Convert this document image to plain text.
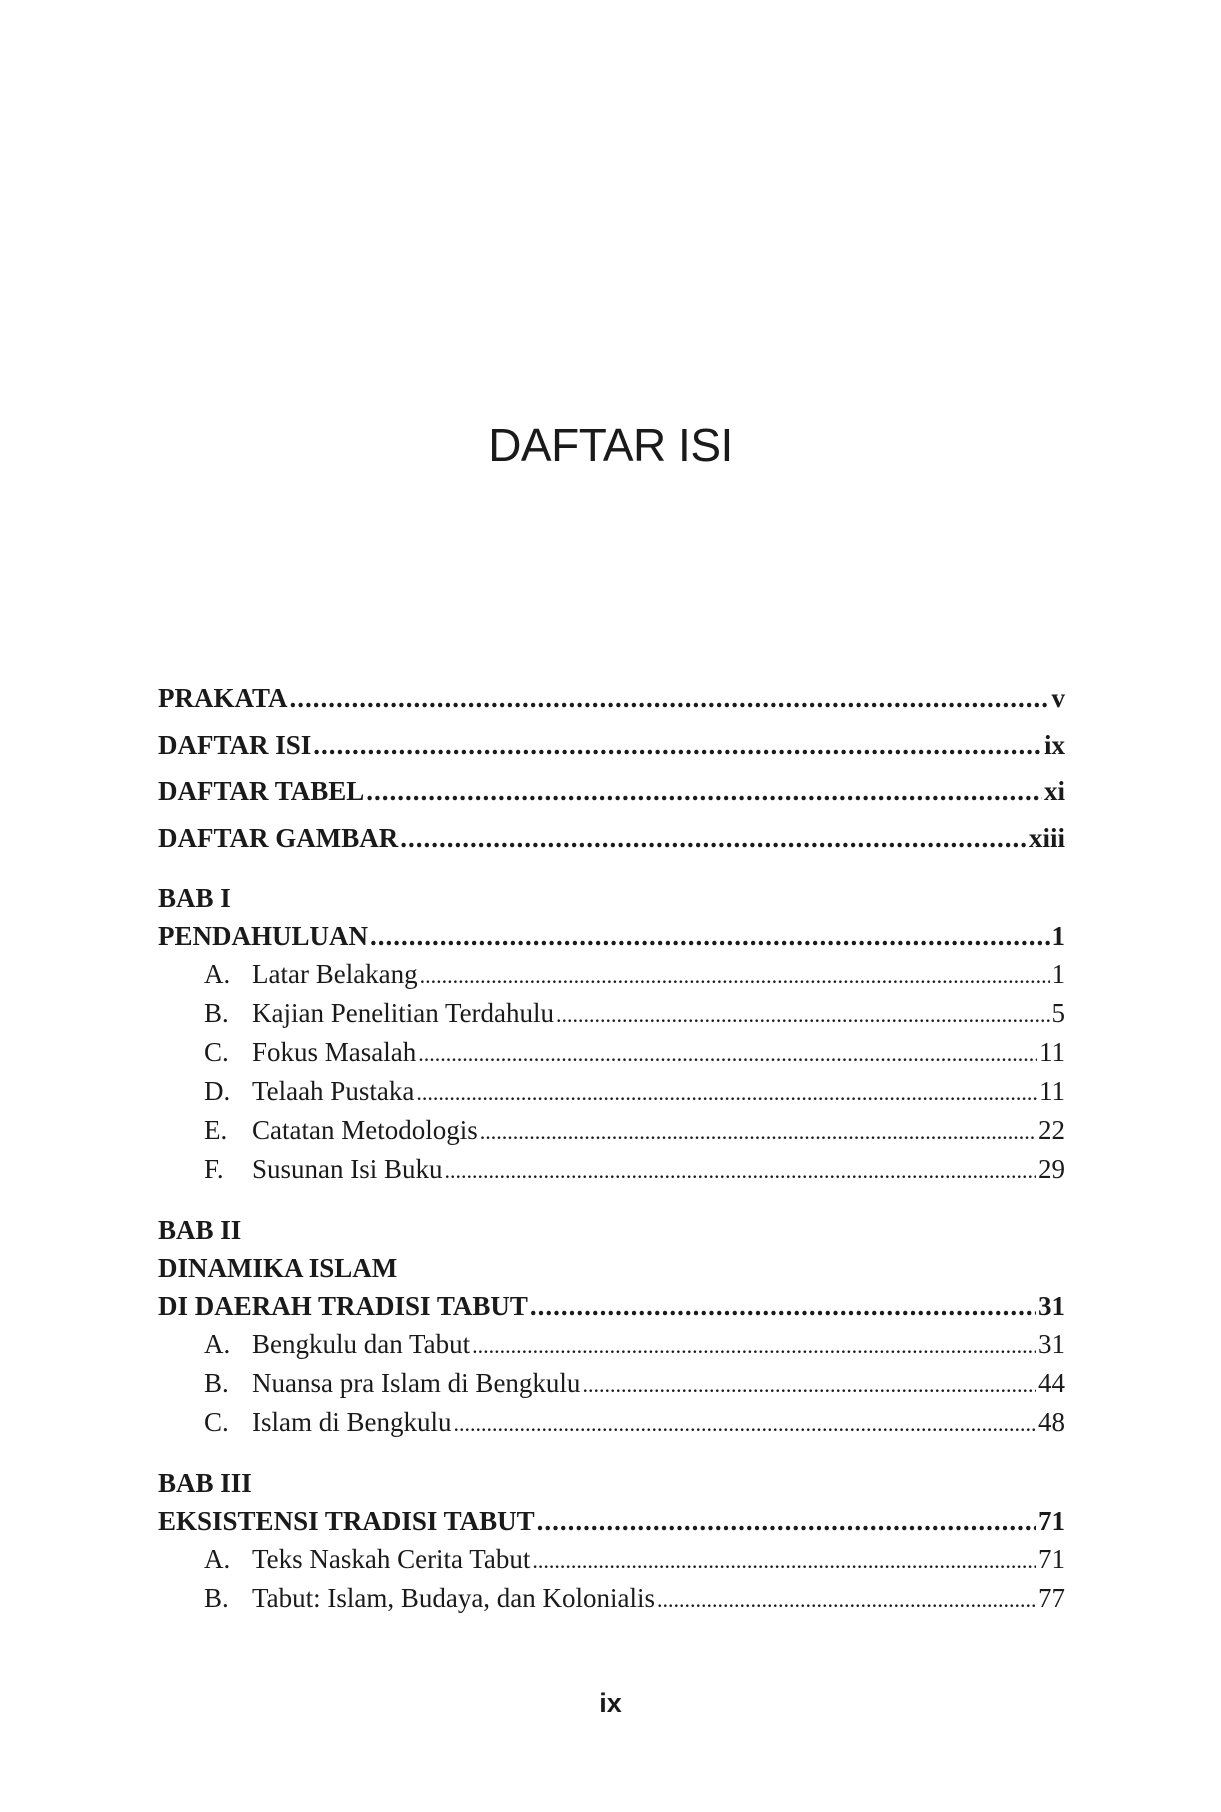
DAFTAR ISI
PRAKATA .....	v
DAFTAR ISI .....	ix
DAFTAR TABEL .....	xi
DAFTAR GAMBAR .....	xiii
BAB I
PENDAHULUAN .....	1
A. Latar Belakang .....	1
B. Kajian Penelitian Terdahulu .....	5
C. Fokus Masalah .....	11
D. Telaah Pustaka .....	11
E. Catatan Metodologis .....	22
F.	Susunan Isi Buku .....	29
BAB II
DINAMIKA ISLAM
DI DAERAH TRADISI TABUT .....	31
A. Bengkulu dan Tabut .....	31
B. Nuansa pra Islam di Bengkulu .....	44
C. Islam di Bengkulu .....	48
BAB III
EKSISTENSI TRADISI TABUT .....	71
A. Teks Naskah Cerita Tabut .....	71
B. Tabut: Islam, Budaya, dan Kolonialis .....	77
ix
